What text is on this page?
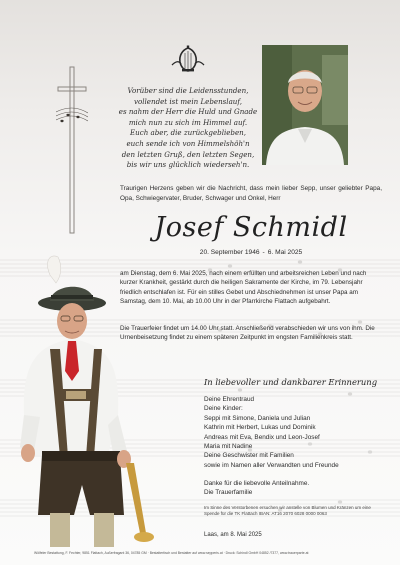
Vorüber sind die Leidensstunden,
vollendet ist mein Lebenslauf,
es nahm der Herr die Huld und Gnade
mich nun zu sich im Himmel auf.
Euch aber, die zurückgeblieben,
euch sende ich von Himmelshöh'n
den letzten Gruß, den letzten Segen,
bis wir uns glücklich wiederseh'n.
Traurigen Herzens geben wir die Nachricht, dass mein lieber Sepp, unser geliebter Papa, Opa, Schwiegervater, Bruder, Schwager und Onkel, Herr
Josef Schmidl
20. September 1946 - 6. Mai 2025
am Dienstag, dem 6. Mai 2025, nach einem erfüllten und arbeitsreichen Leben und nach kurzer Krankheit, gestärkt durch die heiligen Sakramente der Kirche, im 79. Lebensjahr friedlich entschlafen ist. Für ein stilles Gebet und Abschiednehmen ist unser Papa am Samstag, dem 10. Mai, ab 10.00 Uhr in der Pfarrkirche Flattach aufgebahrt.
Die Trauerfeier findet um 14.00 Uhr statt. Anschließend verabschieden wir uns von ihm. Die Urnenbeisetzung findet zu einem späteren Zeitpunkt im engsten Familienkreis statt.
In liebevoller und dankbarer Erinnerung
Deine Ehrentraud
Deine Kinder:
Seppi mit Simone, Daniela und Julian
Kathrin mit Herbert, Lukas und Dominik
Andreas mit Eva, Bendix und Leon-Josef
Maria mit Nadine
Deine Geschwister mit Familien
sowie im Namen aller Verwandten und Freunde
Danke für die liebevolle Anteilnahme.
Die Trauerfamilie
Im Sinne des Verstorbenen ersuchen wir anstelle von Blumen und Kränzen um eine Spende für die TK Flattach IBAN: AT16 2070 6028 0000 0063
Laas, am 8. Mai 2025
Wölfeler Bestattung, F. Fechter, 9851 Flattach, Außerfragant 36, 04785 GM · Bestattertisch und Bestatter auf www.sepperis.at · Druck: Schindl GmbH 04852 /7377, www.trauerparte.at
